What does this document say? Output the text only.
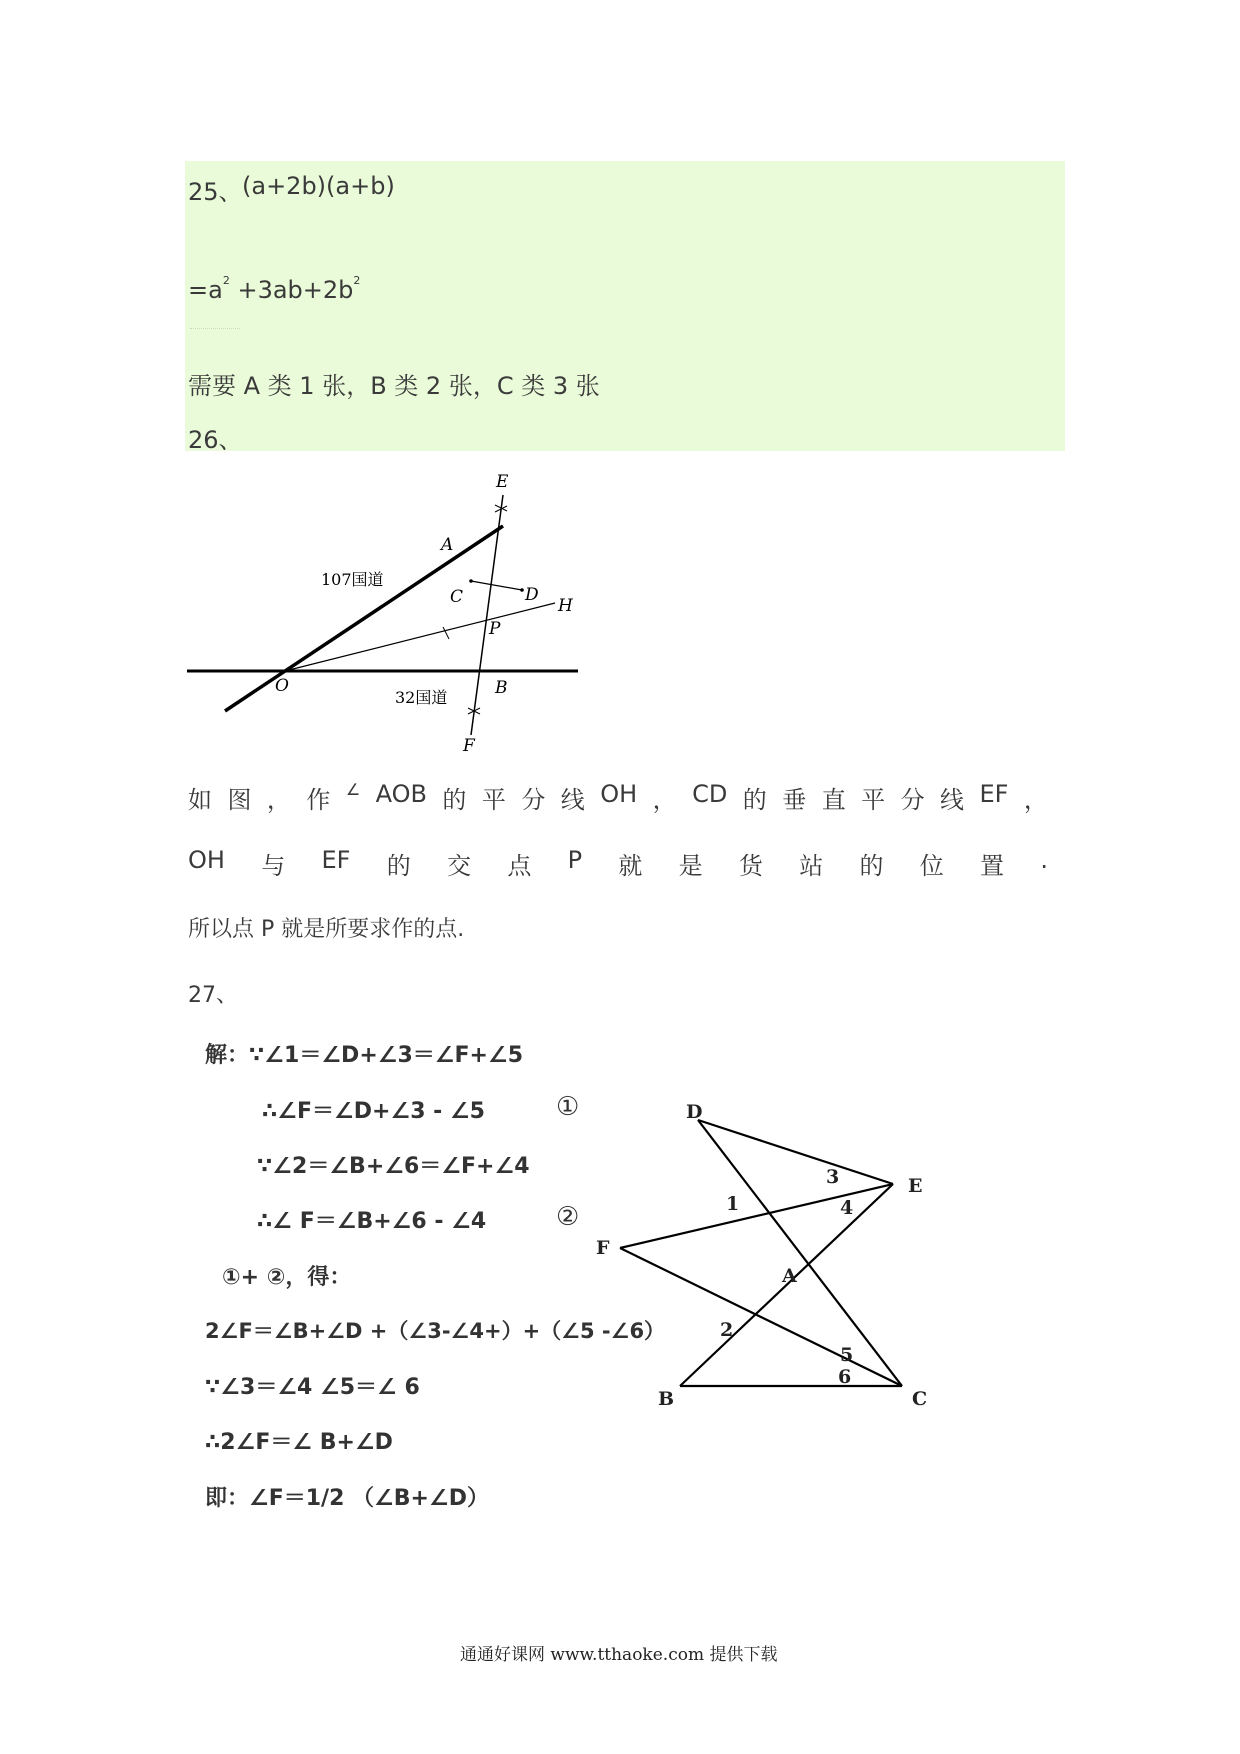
25、 (a+2b)(a+b)
$=a^2 +3ab+2b^2$
需要 A 类 1 张，B 类 2 张，C 类 3 张
26、
E
A
107国道
C	D
H
P
O
32国道	B
F
如 图 ， 作 ∠ AOB 的 平 分 线 OH ， CD 的 垂 直 平 分 线 EF ，
OH 与 EF 的 交 点 P 就 是 货 站 的 位 置 .
所以点 P 就是所要求作的点.
27、
解：∵∠1＝∠D+∠3＝∠F+∠5
∴∠F＝∠D+∠3 - ∠5	①
∵∠2＝∠B+∠6＝∠F+∠4
∴∠ F＝∠B+∠6 - ∠4	②
①+ ②，得：
2∠F＝∠B+∠D +（∠3-∠4+）+（∠5 -∠6）
∵∠3＝∠4 ∠5＝∠ 6
∴2∠F＝∠ B+∠D
即：∠F＝1/2 （∠B+∠D）
D
E
3
1	4
F
A
2
5
6
B	C
通通好课网 www.tthaoke.com 提供下载
